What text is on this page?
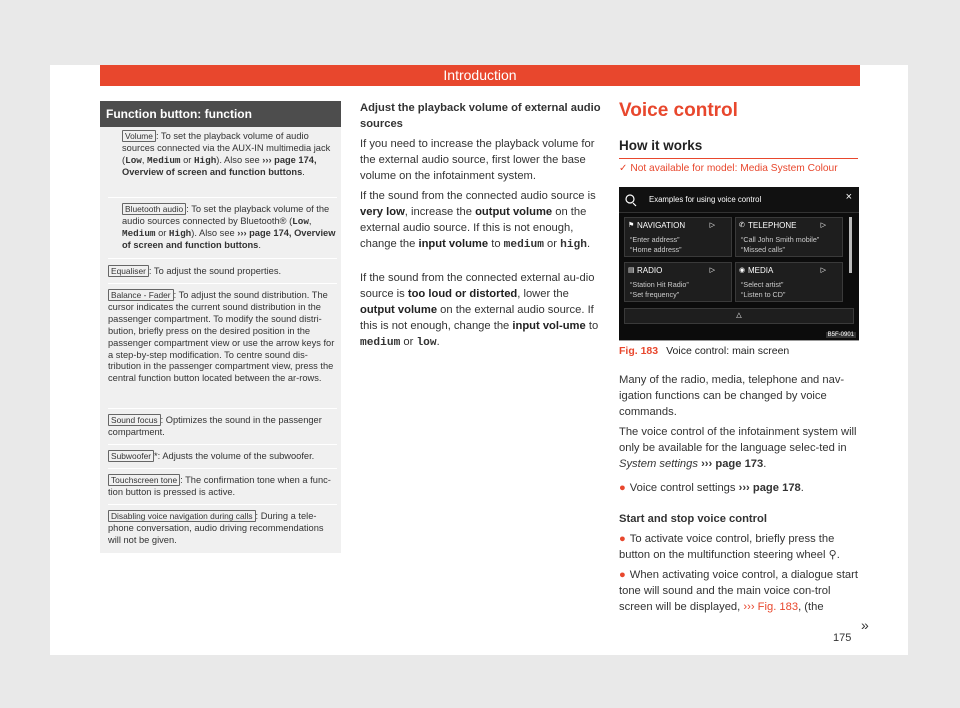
Introduction
Function button: function
Volume : To set the playback volume of audio sources connected via the AUX-IN multimedia jack (Low, Medium or High). Also see ››› page 174, Overview of screen and function buttons.
Bluetooth audio : To set the playback volume of the audio sources connected by Bluetooth® (Low, Medium or High). Also see ››› page 174, Overview of screen and function buttons.
Equaliser : To adjust the sound properties.
Balance - Fader : To adjust the sound distribution. The cursor indicates the current sound distribution in the passenger compartment. To modify the sound distri-bution, briefly press on the desired position in the passenger compartment view or use the arrow keys for a step-by-step modification. To centre sound dis-tribution in the passenger compartment view, press the central function button located between the ar-rows.
Sound focus : Optimizes the sound in the passenger compartment.
Subwoofer *: Adjusts the volume of the subwoofer.
Touchscreen tone : The confirmation tone when a func-tion button is pressed is active.
Disabling voice navigation during calls : During a tele-phone conversation, audio driving recommendations will not be given.
Adjust the playback volume of external audio sources
If you need to increase the playback volume for the external audio source, first lower the base volume on the infotainment system.
If the sound from the connected audio source is very low, increase the output volume on the external audio source. If this is not enough, change the input volume to medium or high.
If the sound from the connected external au-dio source is too loud or distorted, lower the output volume on the external audio source. If this is not enough, change the input vol-ume to medium or low.
Voice control
How it works
✓ Not available for model: Media System Colour
Examples for using voice control	×
⚑ NAVIGATION	▷
“Enter address”
“Home address”
✆ TELEPHONE	▷
“Call John Smith mobile”
“Missed calls”
▤ RADIO	▷
“Station Hit Radio”
“Set frequency”
◉ MEDIA	▷
“Select artist”
“Listen to CD”
△
B5F-0901
Fig. 183 Voice control: main screen
Many of the radio, media, telephone and nav-igation functions can be changed by voice commands.
The voice control of the infotainment system will only be available for the language selec-ted in System settings ››› page 173.
● Voice control settings ››› page 178.
Start and stop voice control
● To activate voice control, briefly press the button on the multifunction steering wheel ⚲.
● When activating voice control, a dialogue start tone will sound and the main voice con-trol screen will be displayed, ››› Fig. 183, (the
»
175
